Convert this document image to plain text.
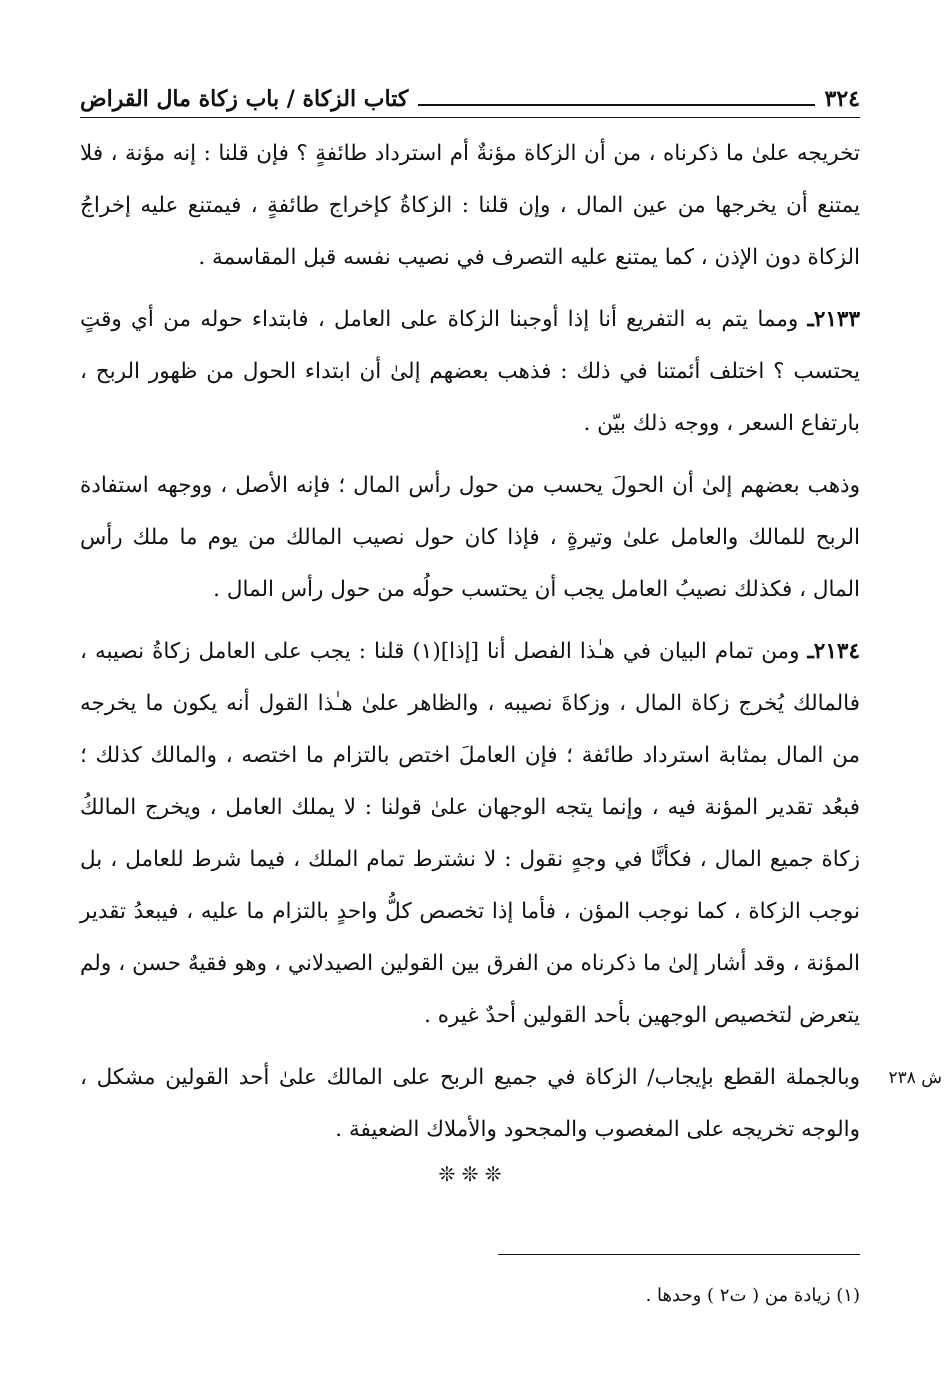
٣٢٤
كتاب الزكاة / باب زكاة مال القراض

تخريجه علىٰ ما ذكرناه ، من أن الزكاة مؤنةٌ أم استرداد طائفةٍ ؟ فإن قلنا : إنه مؤنة ، فلا يمتنع أن يخرجها من عين المال ، وإن قلنا : الزكاةُ كإخراج طائفةٍ ، فيمتنع عليه إخراجُ الزكاة دون الإذن ، كما يمتنع عليه التصرف في نصيب نفسه قبل المقاسمة .

٢١٣٣ـ ومما يتم به التفريع أنا إذا أوجبنا الزكاة على العامل ، فابتداء حوله من أي وقتٍ يحتسب ؟ اختلف أئمتنا في ذلك : فذهب بعضهم إلىٰ أن ابتداء الحول من ظهور الربح ، بارتفاع السعر ، ووجه ذلك بيّن .

وذهب بعضهم إلىٰ أن الحولَ يحسب من حول رأس المال ؛ فإنه الأصل ، ووجهه استفادة الربح للمالك والعامل علىٰ وتيرةٍ ، فإذا كان حول نصيب المالك من يوم ما ملك رأس المال ، فكذلك نصيبُ العامل يجب أن يحتسب حولُه من حول رأس المال .

٢١٣٤ـ ومن تمام البيان في هـٰذا الفصل أنا [إذا](١) قلنا : يجب على العامل زكاةُ نصيبه ، فالمالك يُخرج زكاة المال ، وزكاةَ نصيبه ، والظاهر علىٰ هـٰذا القول أنه يكون ما يخرجه من المال بمثابة استرداد طائفة ؛ فإن العاملَ اختص بالتزام ما اختصه ، والمالك كذلك ؛ فبعُد تقدير المؤنة فيه ، وإنما يتجه الوجهان علىٰ قولنا : لا يملك العامل ، ويخرج المالكُ زكاة جميع المال ، فكأنَّا في وجهٍ نقول : لا نشترط تمام الملك ، فيما شرط للعامل ، بل نوجب الزكاة ، كما نوجب المؤن ، فأما إذا تخصص كلُّ واحدٍ بالتزام ما عليه ، فيبعدُ تقدير المؤنة ، وقد أشار إلىٰ ما ذكرناه من الفرق بين القولين الصيدلاني ، وهو فقيهٌ حسن ، ولم يتعرض لتخصيص الوجهين بأحد القولين أحدٌ غيره .

وبالجملة القطع بإيجاب/ الزكاة في جميع الربح على المالك علىٰ أحد القولين مشكل ، والوجه تخريجه على المغصوب والمجحود والأملاك الضعيفة .

ش ٢٣٨
❊ ❊ ❊
(١) زيادة من ( ت٢ ) وحدها .
